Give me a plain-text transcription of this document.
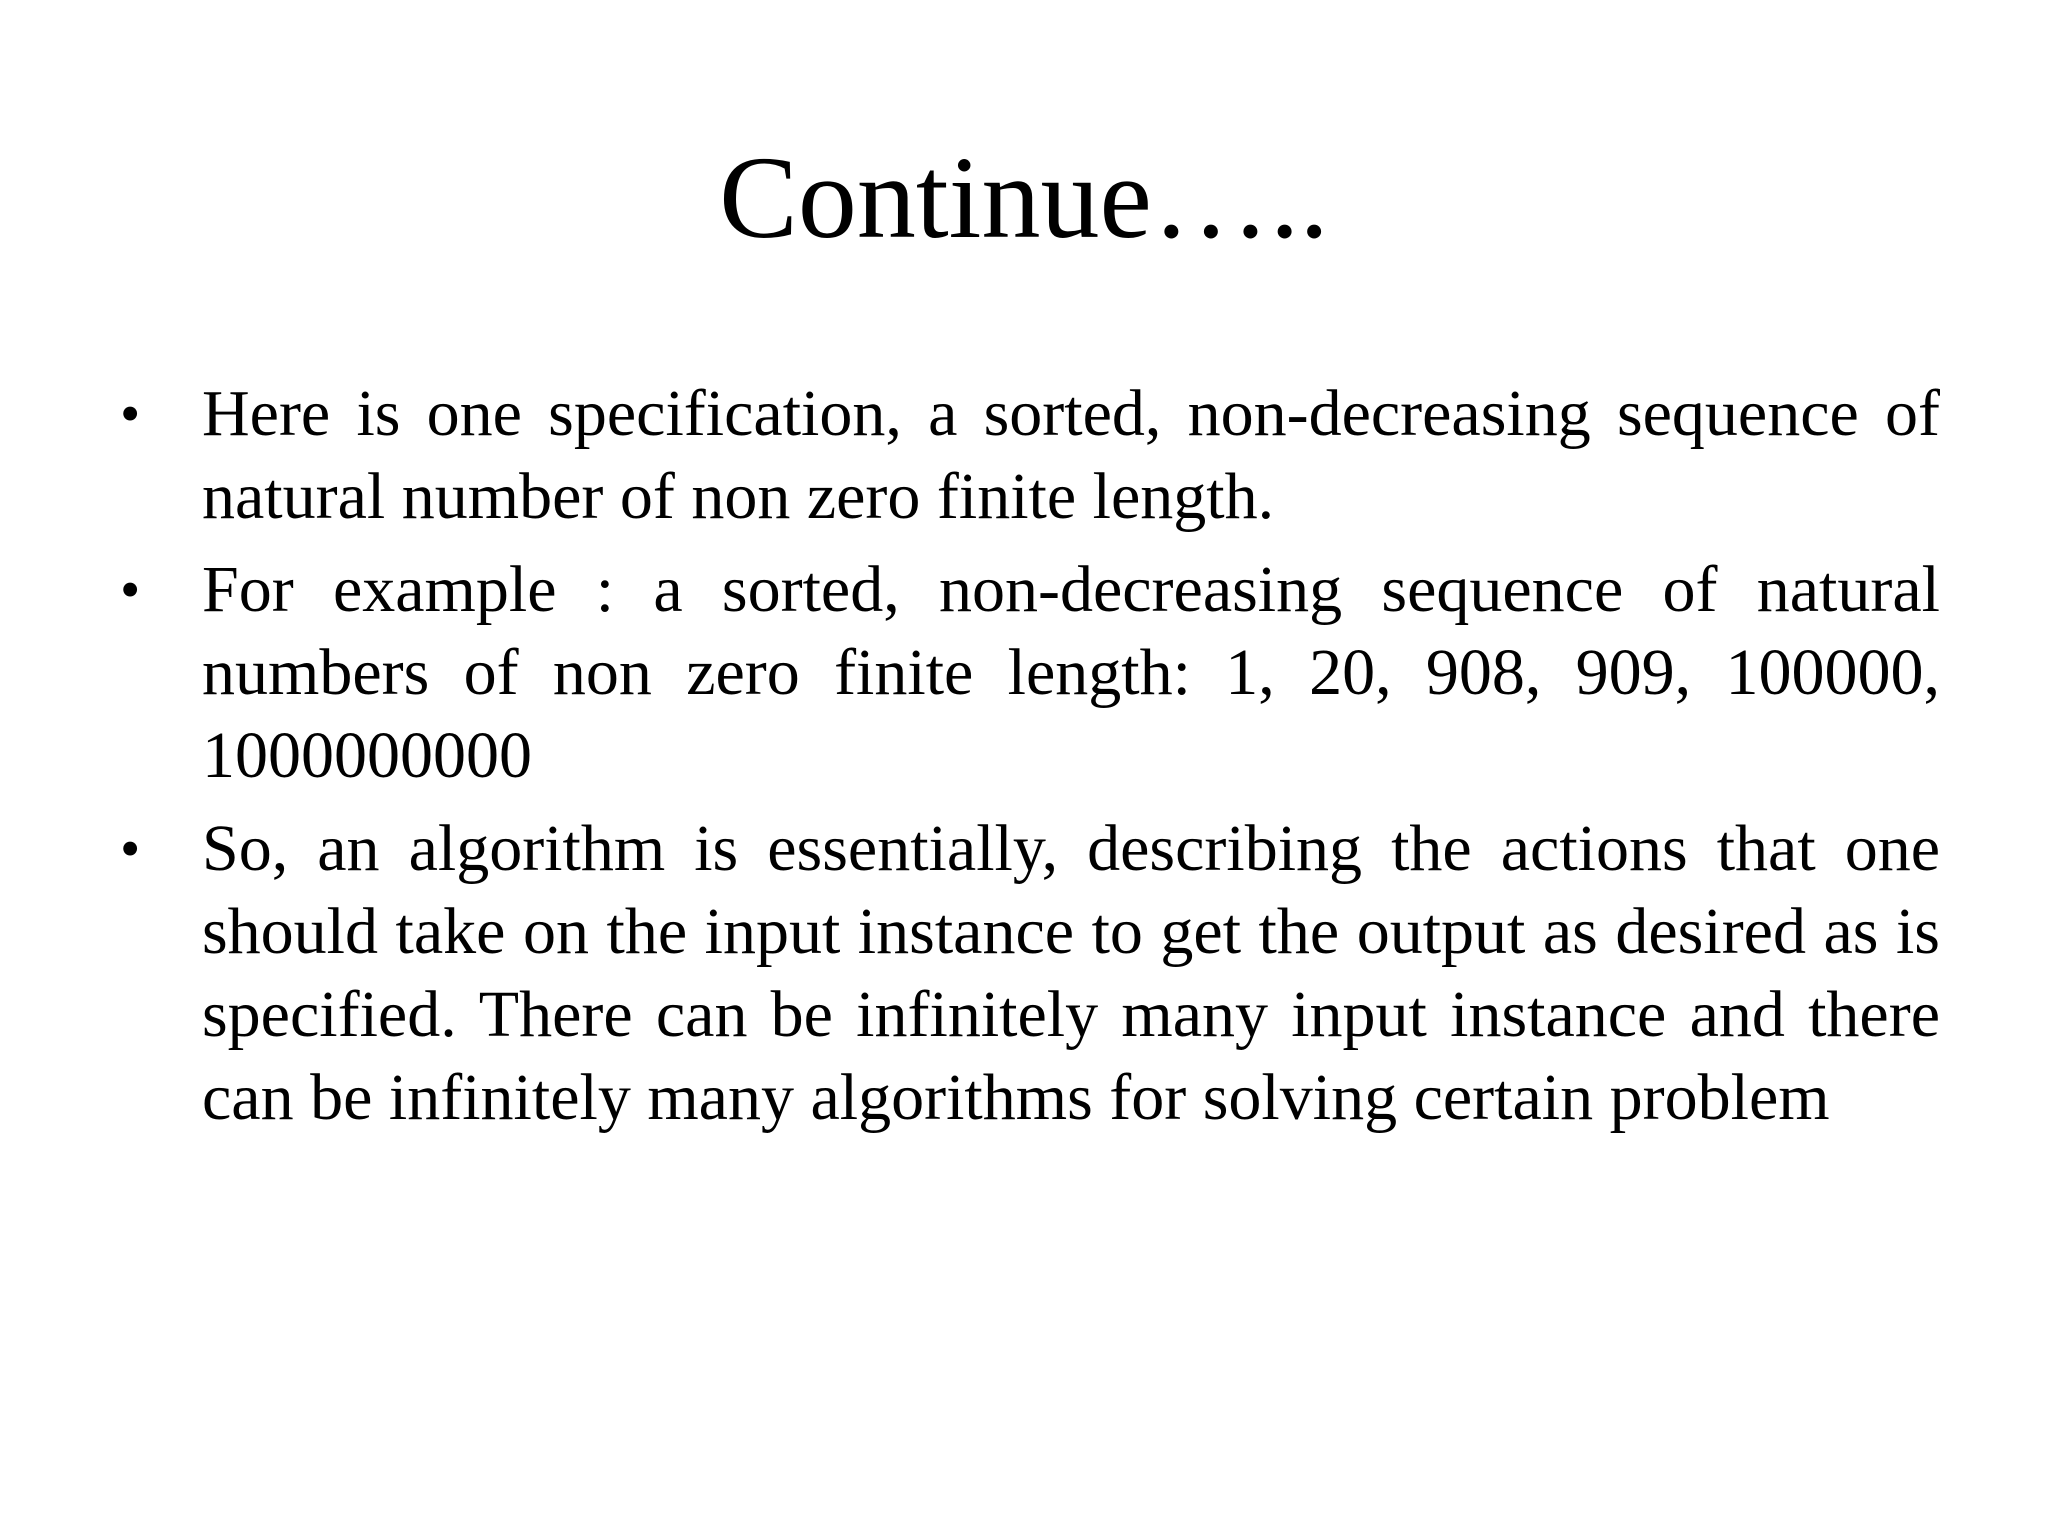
Continue…..
• Here is one specification, a sorted, non-decreasing sequence of natural number of non zero finite length.
• For example : a sorted, non-decreasing sequence of natural numbers of non zero finite length: 1, 20, 908, 909, 100000, 1000000000
• So, an algorithm is essentially, describing the actions that one should take on the input instance to get the output as desired as is specified. There can be infinitely many input instance and there can be infinitely many algorithms for solving certain problem
